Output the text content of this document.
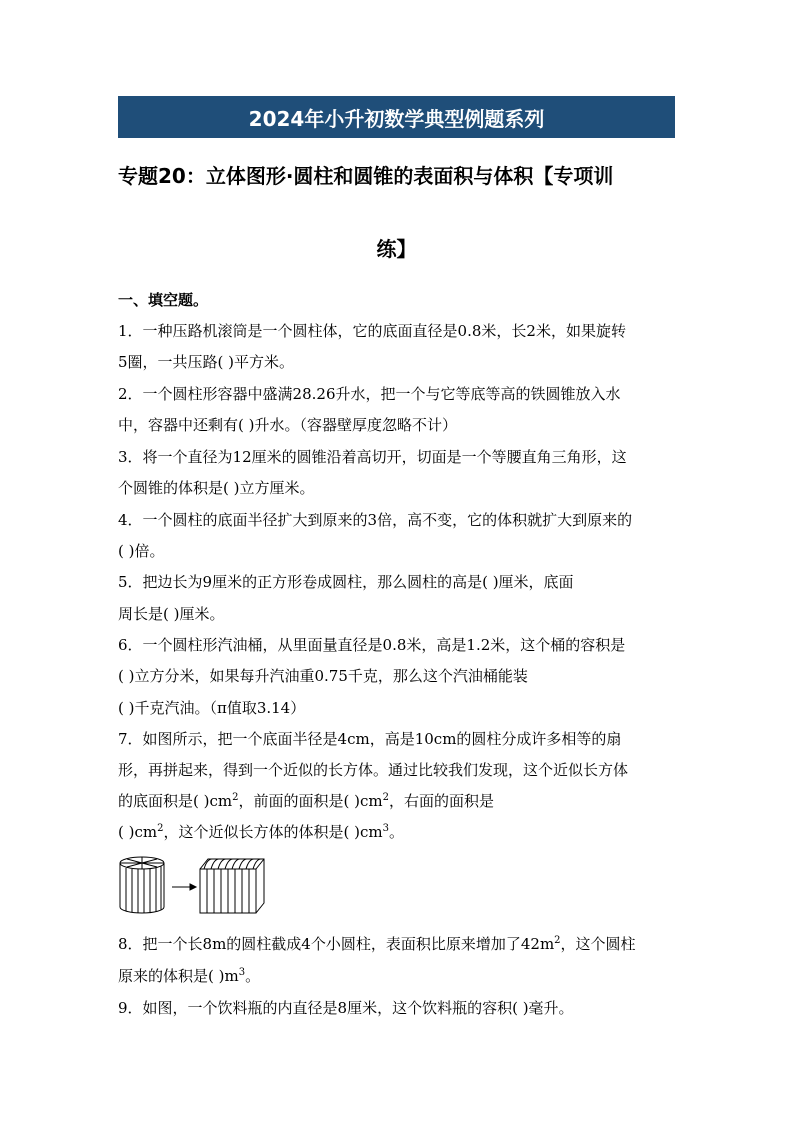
2024年小升初数学典型例题系列
专题20：立体图形·圆柱和圆锥的表面积与体积【专项训
练】
一、填空题。
1．一种压路机滚筒是一个圆柱体，它的底面直径是0.8米，长2米，如果旋转
5圈，一共压路( )平方米。
2．一个圆柱形容器中盛满28.26升水，把一个与它等底等高的铁圆锥放入水
中，容器中还剩有( )升水。（容器壁厚度忽略不计）
3．将一个直径为12厘米的圆锥沿着高切开，切面是一个等腰直角三角形，这
个圆锥的体积是( )立方厘米。
4．一个圆柱的底面半径扩大到原来的3倍，高不变，它的体积就扩大到原来的
( )倍。
5．把边长为9厘米的正方形卷成圆柱，那么圆柱的高是( )厘米，底面
周长是( )厘米。
6．一个圆柱形汽油桶，从里面量直径是0.8米，高是1.2米，这个桶的容积是
( )立方分米，如果每升汽油重0.75千克，那么这个汽油桶能装
( )千克汽油。（π值取3.14）
7．如图所示，把一个底面半径是4cm，高是10cm的圆柱分成许多相等的扇
形，再拼起来，得到一个近似的长方体。通过比较我们发现，这个近似长方体
的底面积是( )$cm^2$，前面的面积是( )$cm^2$，右面的面积是
( )$cm^2$，这个近似长方体的体积是( )$cm^3$。
8．把一个长8m的圆柱截成4个小圆柱，表面积比原来增加了$42m^2$，这个圆柱
原来的体积是( )$m^3$。
9．如图，一个饮料瓶的内直径是8厘米，这个饮料瓶的容积( )毫升。
